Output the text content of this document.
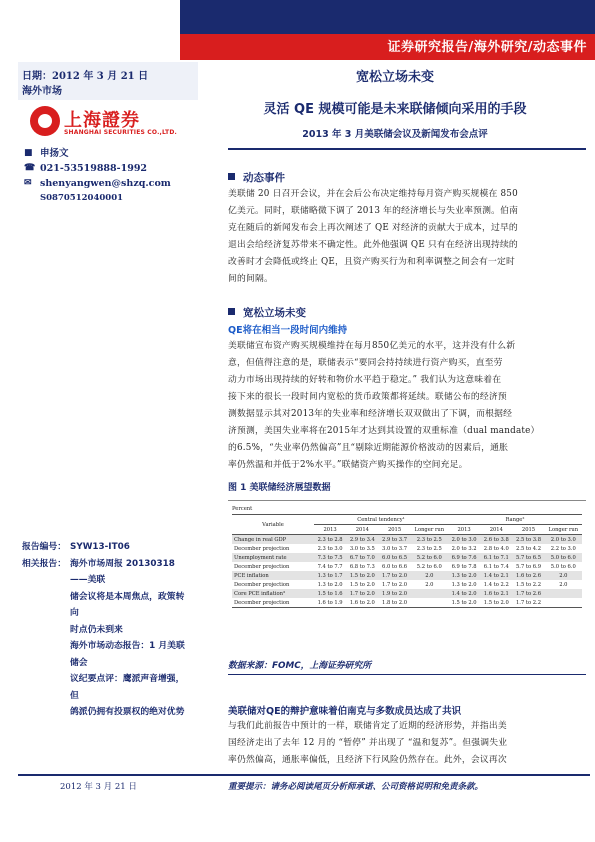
证券研究报告/海外研究/动态事件
日期：2012 年 3 月 21 日
海外市场
上海證券
SHANGHAI SECURITIES CO.,LTD.
■ 申扬文
☎ 021-53519888-1992
✉ shenyangwen@shzq.com
S0870512040001
宽松立场未变
灵活 QE 规模可能是未来联储倾向采用的手段
2013 年 3 月美联储会议及新闻发布会点评
动态事件
美联储 20 日召开会议，并在会后公布决定维持每月资产购买规模在 850
亿美元。同时，联储略微下调了 2013 年的经济增长与失业率预测。伯南
克在随后的新闻发布会上再次阐述了 QE 对经济的贡献大于成本，过早的
退出会给经济复苏带来不确定性。此外他强调 QE 只有在经济出现持续的
改善时才会降低或终止 QE，且资产购买行为和利率调整之间会有一定时
间的间隔。
宽松立场未变
QE将在相当一段时间内维持
美联储宣布资产购买规模维持在每月850亿美元的水平，这并没有什么新
意，但值得注意的是，联储表示“要同会持持续进行资产购买，直至劳
动力市场出现持续的好转和物价水平趋于稳定。” 我们认为这意味着在
接下来的很长一段时间内宽松的货币政策都将延续。联储公布的经济预
测数据显示其对2013年的失业率和经济增长双双做出了下调，而根据经
济预测，美国失业率将在2015年才达到其设置的双重标准（dual mandate）
的6.5%，“失业率仍然偏高”且“剔除近期能源价格波动的因素后，通胀
率仍然温和并低于2%水平。”联储资产购买操作的空间充足。
图 1 美联储经济展望数据
Percent
Variable	Central tendency¹				Range²			
	2013	2014	2015	Longer run	2013	2014	2015	Longer run
Change in real GDP	2.3 to 2.8	2.9 to 3.4	2.9 to 3.7	2.3 to 2.5	2.0 to 3.0	2.6 to 3.8	2.5 to 3.8	2.0 to 3.0
December projection	2.3 to 3.0	3.0 to 3.5	3.0 to 3.7	2.3 to 2.5	2.0 to 3.2	2.8 to 4.0	2.5 to 4.2	2.2 to 3.0
Unemployment rate	7.3 to 7.5	6.7 to 7.0	6.0 to 6.5	5.2 to 6.0	6.9 to 7.6	6.1 to 7.1	5.7 to 6.5	5.0 to 6.0
December projection	7.4 to 7.7	6.8 to 7.3	6.0 to 6.6	5.2 to 6.0	6.9 to 7.8	6.1 to 7.4	5.7 to 6.9	5.0 to 6.0
PCE inflation	1.3 to 1.7	1.5 to 2.0	1.7 to 2.0	2.0	1.3 to 2.0	1.4 to 2.1	1.6 to 2.6	2.0
December projection	1.3 to 2.0	1.5 to 2.0	1.7 to 2.0	2.0	1.3 to 2.0	1.4 to 2.2	1.5 to 2.2	2.0
Core PCE inflation³	1.5 to 1.6	1.7 to 2.0	1.9 to 2.0		1.4 to 2.0	1.6 to 2.1	1.7 to 2.6	
December projection	1.6 to 1.9	1.6 to 2.0	1.8 to 2.0		1.5 to 2.0	1.5 to 2.0	1.7 to 2.2	
数据来源：FOMC，上海证券研究所
报告编号： SYW13-IT06
相关报告： 海外市场周报 20130318——美联
储会议将是本周焦点，政策转向
时点仍未到来
海外市场动态报告：1 月美联储会
议纪要点评：鹰派声音增强，但
鸽派仍拥有投票权的绝对优势	美联储对QE的辩护意味着伯南克与多数成员达成了共识
与我们此前报告中预计的一样，联储肯定了近期的经济形势，并指出美
国经济走出了去年 12 月的 “暂停” 并出现了 “温和复苏”。但强调失业
率仍然偏高，通胀率偏低，且经济下行风险仍然存在。此外，会议再次
2012 年 3 月 21 日	重要提示：请务必阅读尾页分析师承诺、公司资格说明和免责条款。
